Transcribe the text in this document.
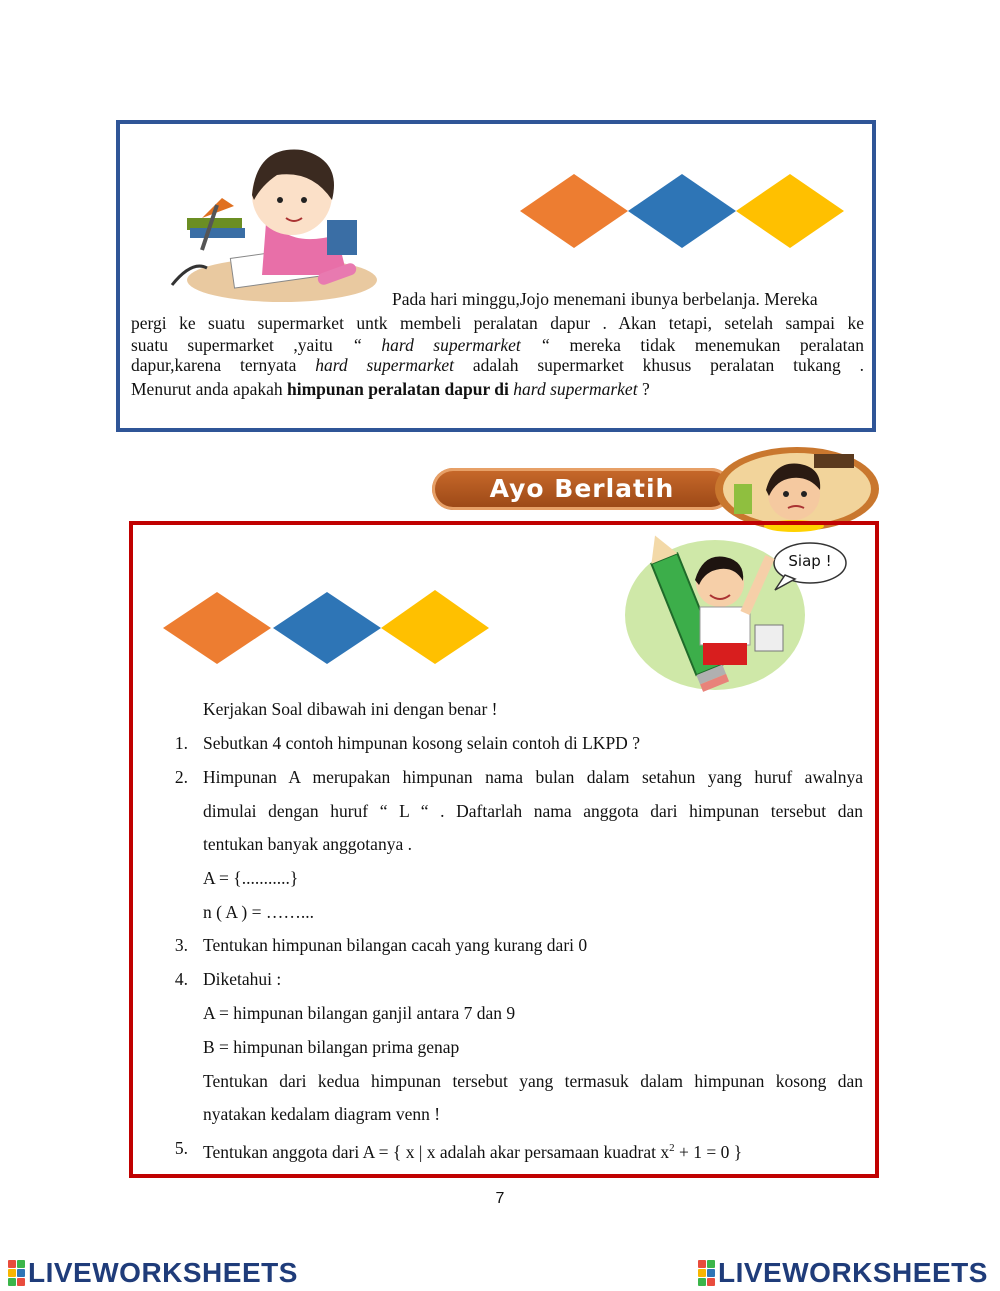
Pada hari minggu,Jojo menemani ibunya berbelanja. Mereka
pergi ke suatu supermarket untk membeli peralatan dapur . Akan tetapi, setelah sampai ke
suatu supermarket ,yaitu “ hard supermarket “ mereka tidak menemukan peralatan
dapur,karena ternyata hard supermarket adalah supermarket khusus peralatan tukang .
Menurut anda apakah himpunan peralatan dapur di hard supermarket ?
Ayo Berlatih
Siap !
Kerjakan Soal dibawah ini dengan benar !
1. Sebutkan 4 contoh himpunan kosong selain contoh di LKPD ?
2. Himpunan A merupakan himpunan nama bulan dalam setahun yang huruf awalnya
dimulai dengan huruf “ L “ . Daftarlah nama anggota dari himpunan tersebut dan
tentukan banyak anggotanya .
A = {...........}
n ( A ) = ……...
3. Tentukan himpunan bilangan cacah yang kurang dari 0
4. Diketahui :
A = himpunan bilangan ganjil antara 7 dan 9
B = himpunan bilangan prima genap
Tentukan dari kedua himpunan tersebut yang termasuk dalam himpunan kosong dan
nyatakan kedalam diagram venn !
5. Tentukan anggota dari A = { x | x adalah akar persamaan kuadrat $x^2 + 1 = 0$ }
7
LIVEWORKSHEETS	LIVEWORKSHEETS
